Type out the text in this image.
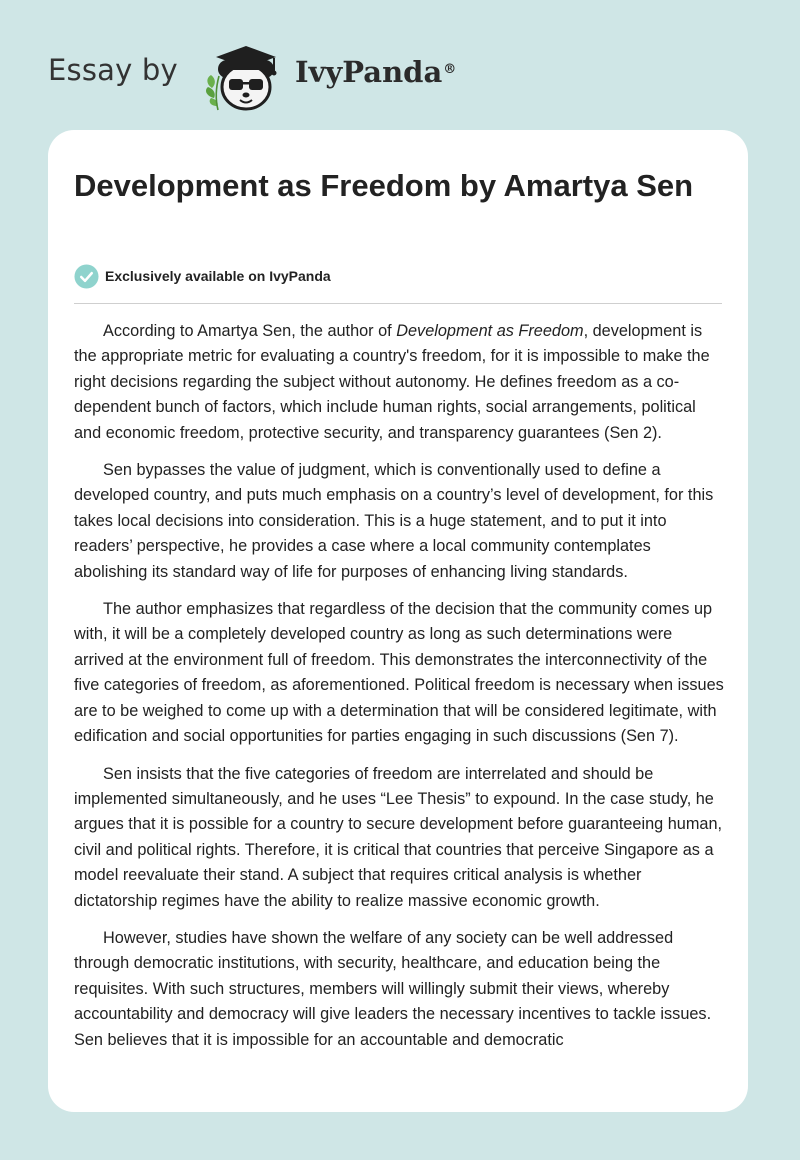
Essay by	IvyPanda®
Development as Freedom by Amartya Sen
Exclusively available on IvyPanda

According to Amartya Sen, the author of Development as Freedom, development is the appropriate metric for evaluating a country's freedom, for it is impossible to make the right decisions regarding the subject without autonomy. He defines freedom as a co-dependent bunch of factors, which include human rights, social arrangements, political and economic freedom, protective security, and transparency guarantees (Sen 2).

Sen bypasses the value of judgment, which is conventionally used to define a developed country, and puts much emphasis on a country’s level of development, for this takes local decisions into consideration. This is a huge statement, and to put it into readers’ perspective, he provides a case where a local community contemplates abolishing its standard way of life for purposes of enhancing living standards.

The author emphasizes that regardless of the decision that the community comes up with, it will be a completely developed country as long as such determinations were arrived at the environment full of freedom. This demonstrates the interconnectivity of the five categories of freedom, as aforementioned. Political freedom is necessary when issues are to be weighed to come up with a determination that will be considered legitimate, with edification and social opportunities for parties engaging in such discussions (Sen 7).

Sen insists that the five categories of freedom are interrelated and should be implemented simultaneously, and he uses “Lee Thesis” to expound. In the case study, he argues that it is possible for a country to secure development before guaranteeing human, civil and political rights. Therefore, it is critical that countries that perceive Singapore as a model reevaluate their stand. A subject that requires critical analysis is whether dictatorship regimes have the ability to realize massive economic growth.

However, studies have shown the welfare of any society can be well addressed through democratic institutions, with security, healthcare, and education being the requisites. With such structures, members will willingly submit their views, whereby accountability and democracy will give leaders the necessary incentives to tackle issues. Sen believes that it is impossible for an accountable and democratic
